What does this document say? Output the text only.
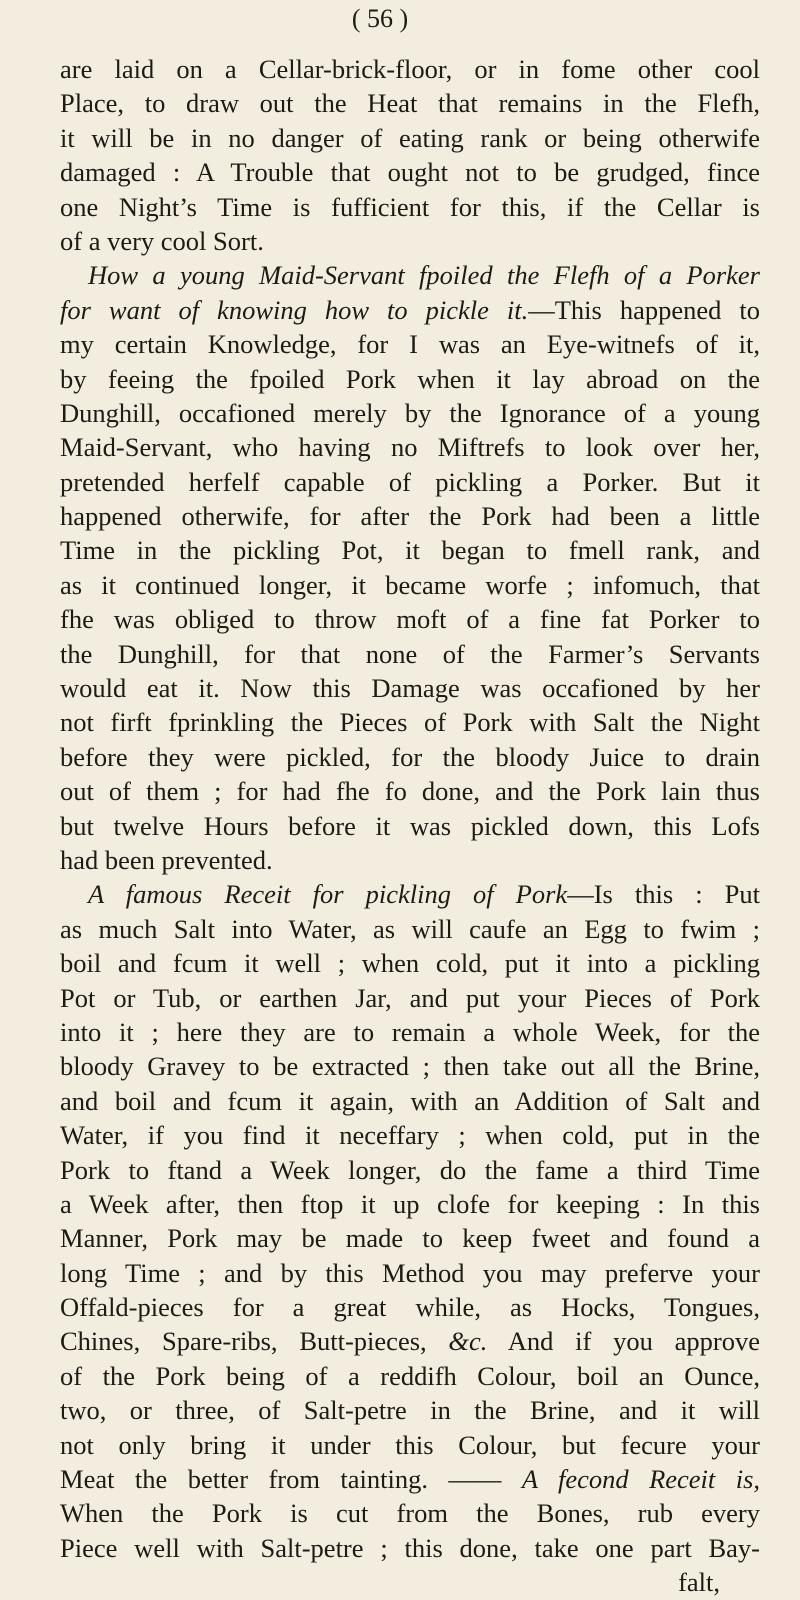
( 56 )
are laid on a Cellar-brick-floor, or in fome other cool
Place, to draw out the Heat that remains in the Flefh,
it will be in no danger of eating rank or being otherwife
damaged : A Trouble that ought not to be grudged, fince
one Night’s Time is fufficient for this, if the Cellar is
of a very cool Sort.
How a young Maid-Servant fpoiled the Flefh of a Porker
for want of knowing how to pickle it.—This happened to
my certain Knowledge, for I was an Eye-witnefs of it,
by feeing the fpoiled Pork when it lay abroad on the
Dunghill, occafioned merely by the Ignorance of a young
Maid-Servant, who having no Miftrefs to look over her,
pretended herfelf capable of pickling a Porker. But it
happened otherwife, for after the Pork had been a little
Time in the pickling Pot, it began to fmell rank, and
as it continued longer, it became worfe ; infomuch, that
fhe was obliged to throw moft of a fine fat Porker to
the Dunghill, for that none of the Farmer’s Servants
would eat it. Now this Damage was occafioned by her
not firft fprinkling the Pieces of Pork with Salt the Night
before they were pickled, for the bloody Juice to drain
out of them ; for had fhe fo done, and the Pork lain thus
but twelve Hours before it was pickled down, this Lofs
had been prevented.
A famous Receit for pickling of Pork—Is this : Put
as much Salt into Water, as will caufe an Egg to fwim ;
boil and fcum it well ; when cold, put it into a pickling
Pot or Tub, or earthen Jar, and put your Pieces of Pork
into it ; here they are to remain a whole Week, for the
bloody Gravey to be extracted ; then take out all the Brine,
and boil and fcum it again, with an Addition of Salt and
Water, if you find it neceffary ; when cold, put in the
Pork to ftand a Week longer, do the fame a third Time
a Week after, then ftop it up clofe for keeping : In this
Manner, Pork may be made to keep fweet and found a
long Time ; and by this Method you may preferve your
Offald-pieces for a great while, as Hocks, Tongues,
Chines, Spare-ribs, Butt-pieces, &c. And if you approve
of the Pork being of a reddifh Colour, boil an Ounce,
two, or three, of Salt-petre in the Brine, and it will
not only bring it under this Colour, but fecure your
Meat the better from tainting. —— A fecond Receit is,
When the Pork is cut from the Bones, rub every
Piece well with Salt-petre ; this done, take one part Bay-
falt,
